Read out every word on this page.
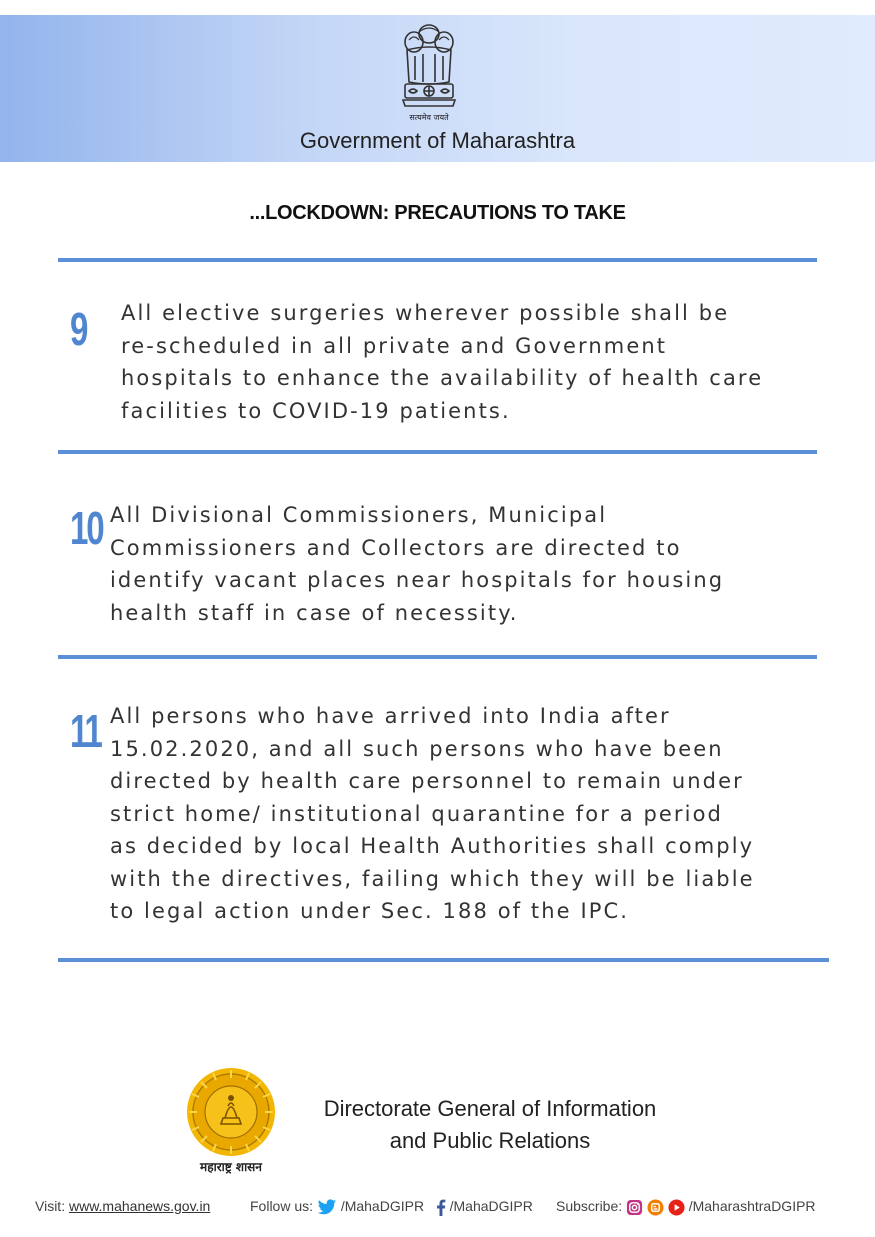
सत्यमेव जयते
Government of Maharashtra
...LOCKDOWN: PRECAUTIONS TO TAKE
9 All elective surgeries wherever possible shall be
re-scheduled in all private and Government
hospitals to enhance the availability of health care
facilities to COVID-19 patients.
10 All Divisional Commissioners, Municipal
Commissioners and Collectors are directed to
identify vacant places near hospitals for housing
health staff in case of necessity.
11 All persons who have arrived into India after
15.02.2020, and all such persons who have been
directed by health care personnel to remain under
strict home/ institutional quarantine for a period
as decided by local Health Authorities shall comply
with the directives, failing which they will be liable
to legal action under Sec. 188 of the IPC.
महाराष्ट्र शासन
Directorate General of Information
and Public Relations
Visit: www.mahanews.gov.in	Follow us: /MahaDGIPR /MahaDGIPR Subscribe:	/MaharashtraDGIPR
